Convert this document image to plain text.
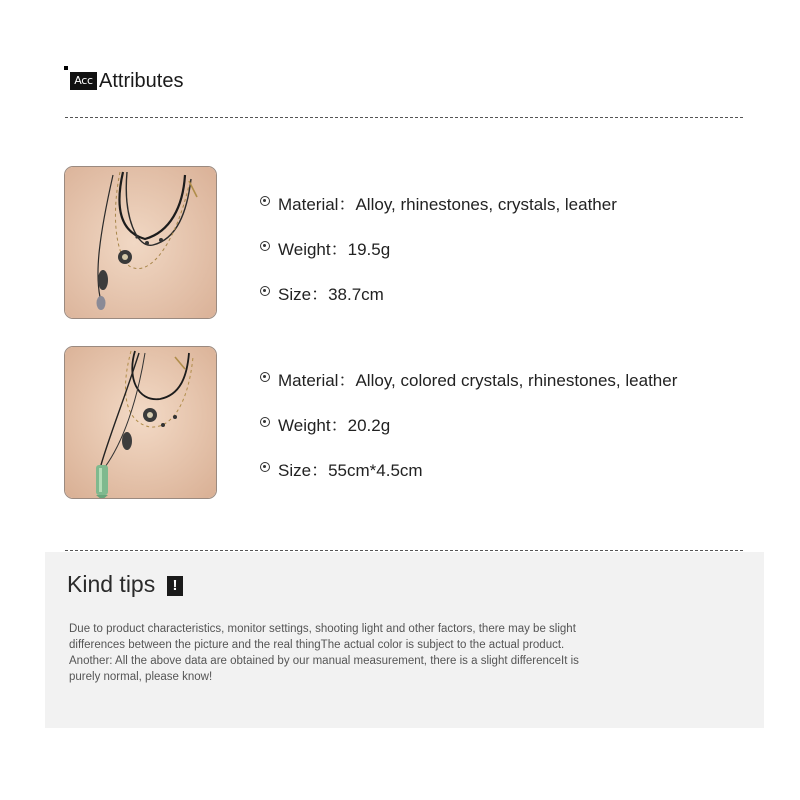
Acc Attributes
Material：Alloy, rhinestones, crystals, leather
Weight：19.5g
Size：38.7cm
Material：Alloy, colored crystals, rhinestones, leather
Weight：20.2g
Size：55cm*4.5cm
Kind tips	!

Due to product characteristics, monitor settings, shooting light and other factors, there may be slight

differences between the picture and the real thingThe actual color is subject to the actual product.

Another: All the above data are obtained by our manual measurement, there is a slight differenceIt is

purely normal, please know!
